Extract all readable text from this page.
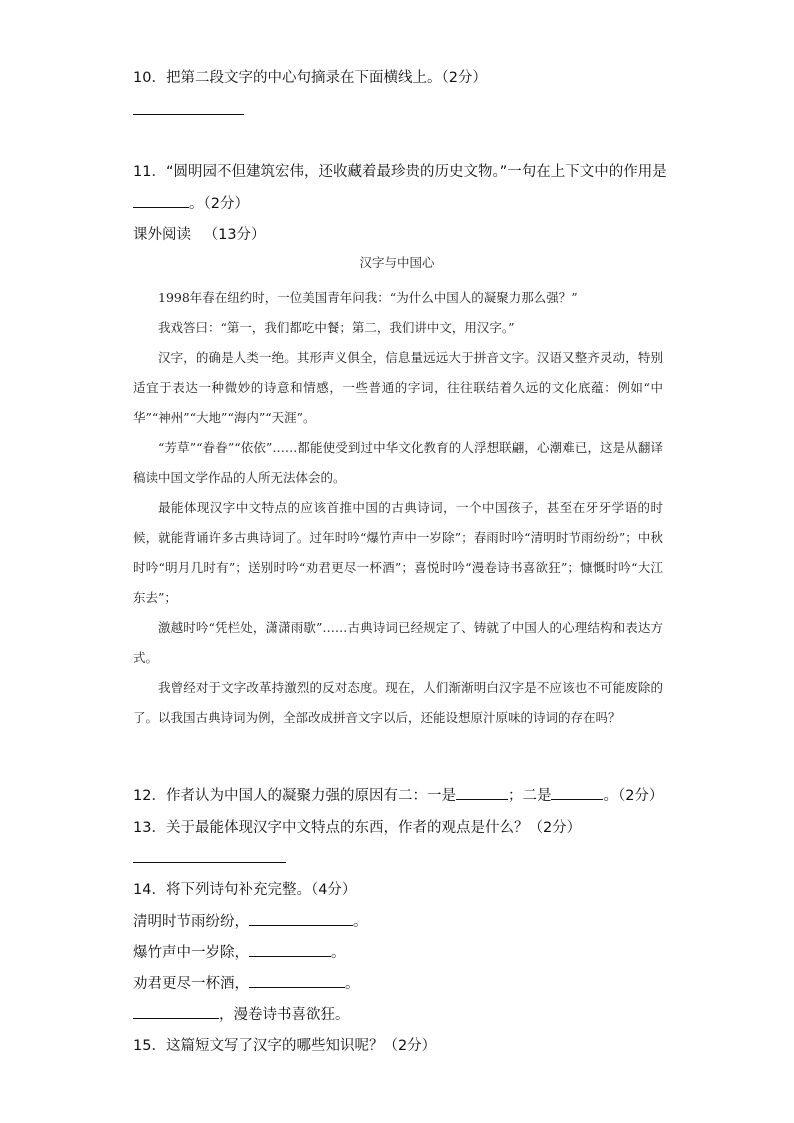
10．把第二段文字的中心句摘录在下面横线上。（2分）
11．“圆明园不但建筑宏伟，还收藏着最珍贵的历史文物。”一句在上下文中的作用是
。（2分）
课外阅读 （13分）
汉字与中国心

1998年春在纽约时，一位美国青年问我：“为什么中国人的凝聚力那么强？”

我戏答曰：“第一，我们都吃中餐；第二，我们讲中文，用汉字。”

汉字，的确是人类一绝。其形声义俱全，信息量远远大于拼音文字。汉语又整齐灵动，特别适宜于表达一种微妙的诗意和情感，一些普通的字词，往往联结着久远的文化底蕴：例如“中华”“神州”“大地”“海内”“天涯”。

“芳草”“眷眷”“依依”……都能使受到过中华文化教育的人浮想联翩，心潮难已，这是从翻译稿读中国文学作品的人所无法体会的。

最能体现汉字中文特点的应该首推中国的古典诗词，一个中国孩子，甚至在牙牙学语的时候，就能背诵许多古典诗词了。过年时吟“爆竹声中一岁除”；春雨时吟“清明时节雨纷纷”；中秋时吟“明月几时有”；送别时吟“劝君更尽一杯酒”；喜悦时吟“漫卷诗书喜欲狂”；慷慨时吟“大江东去”；

激越时吟“凭栏处，潇潇雨歇”……古典诗词已经规定了、铸就了中国人的心理结构和表达方式。

我曾经对于文字改革持激烈的反对态度。现在，人们渐渐明白汉字是不应该也不可能废除的了。以我国古典诗词为例，全部改成拼音文字以后，还能设想原汁原味的诗词的存在吗？

12．作者认为中国人的凝聚力强的原因有二：一是	；二是	。（2分）
13．关于最能体现汉字中文特点的东西，作者的观点是什么？（2分）
14．将下列诗句补充完整。（4分）
清明时节雨纷纷，	。
爆竹声中一岁除，	。
劝君更尽一杯酒，	。
，漫卷诗书喜欲狂。
15．这篇短文写了汉字的哪些知识呢？（2分）
